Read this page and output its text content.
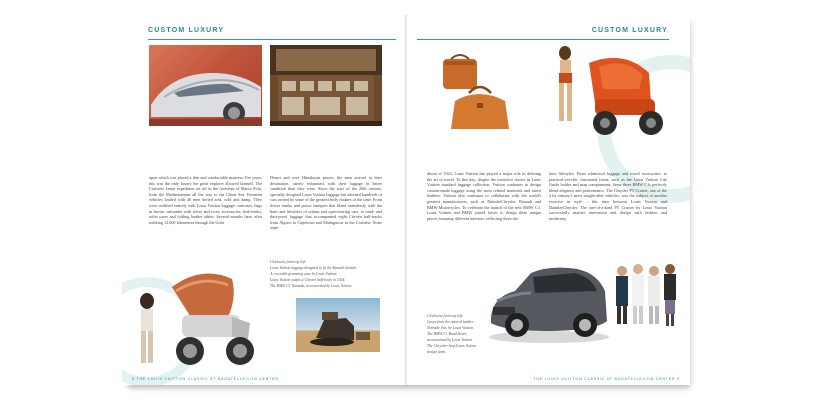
CUSTOM LUXURY
upon which was placed a thin and comfortable mattress. For years, this was the only luxury the great explorer allowed himself. The Croisière Jaune expedition set off in the footsteps of Marco Polo, from the Mediterranean all the way to the China Sea. Fourteen vehicles loaded with 40 men defied arid, cold and damp. They were outfitted entirely with Louis Vuitton luggage: suitcases, bags in brown vuittonite with silver and ivory accessories, bed-trunks, toilet cases and folding leather tables. Several months later, after trekking 12,000 kilometres through the Gobi
Desert and over Himalayan passes, the men arrived at their destination, utterly exhausted, with their luggage in better condition than they were. Since the start of the 20th century, specially designed Louis Vuitton luggage has adorned hundreds of cars owned by some of the greatest body makers of the time. From driver trunks and picnic hampers that blend seamlessly with the lines and lifestyles of sedans and open-touring cars, to sand- and dust-proof luggage that accompanied eight Citroën half-tracks from Algiers to Capetown and Madagascar in the Croisière Noire expe-
Clockwise from top left:
Louis Vuitton luggage designed to fit the Renault Initiale.
A crocodile grooming case by Louis Vuitton.
Louis Vuitton outfits a Citroen half-track in 1924.
The BMW C1 Nomade, accessorized by Louis Vuitton.
8 THE LOUIS VUITTON CLASSIC AT BAGATELLE/LON CENTER
CUSTOM LUXURY
dition of 1924, Louis Vuitton has played a major role in defining the art of travel. To this day, despite the extensive choice in Louis Vuitton standard luggage collection, Vuitton continues to design custom-made luggage using the most refined materials and rarest leathers. Vuitton also continues to collaborate with the world's greatest manufacturers, such as DaimlerChrysler, Renault and BMW Motorcycles. To celebrate the launch of the new BMW C1, Louis Vuitton and BMW joined forces to design three unique pieces featuring different interiors, reflecting three dis-
tinct lifestyles. From whimsical luggage and travel accessories, to practical-yet-chic functional items, such as the Louis Vuitton City Guide holder and map compartment, these three BMW C1s perfectly blend elegance and performance. The Chrysler PT Cruiser, one of the 21st century's most sought-after vehicles, was the subject of another exercise in style – this time between Louis Vuitton and DaimlerChrysler. The one-of-a-kind PT Cruiser by Louis Vuitton successfully marries innovation and design with fashion and modernity.
Clockwise from top left:
Cases from the natural leather Nomade line, by Louis Vuitton.
The BMW C1 Bund Street, accessorized by Louis Vuitton.
The Chrysler-Jeep/Louis Vuitton design team.
THE LOUIS VUITTON CLASSIC AT BAGATELLE/LON CENTER 9
